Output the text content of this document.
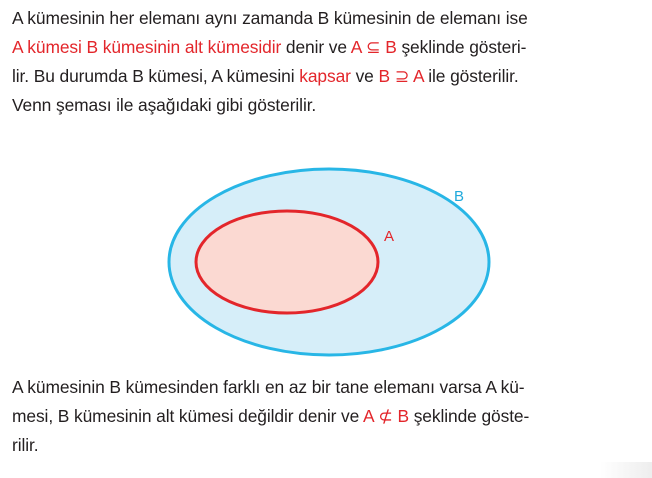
A kümesinin her elemanı aynı zamanda B kümesinin de elemanı ise
A kümesi B kümesinin alt kümesidir denir ve A ⊆ B şeklinde gösteri-
lir. Bu durumda B kümesi, A kümesini kapsar ve B ⊇ A ile gösterilir.
Venn şeması ile aşağıdaki gibi gösterilir.
B
A
A kümesinin B kümesinden farklı en az bir tane elemanı varsa A kü-
mesi, B kümesinin alt kümesi değildir denir ve A ⊄ B şeklinde göste-
rilir.
